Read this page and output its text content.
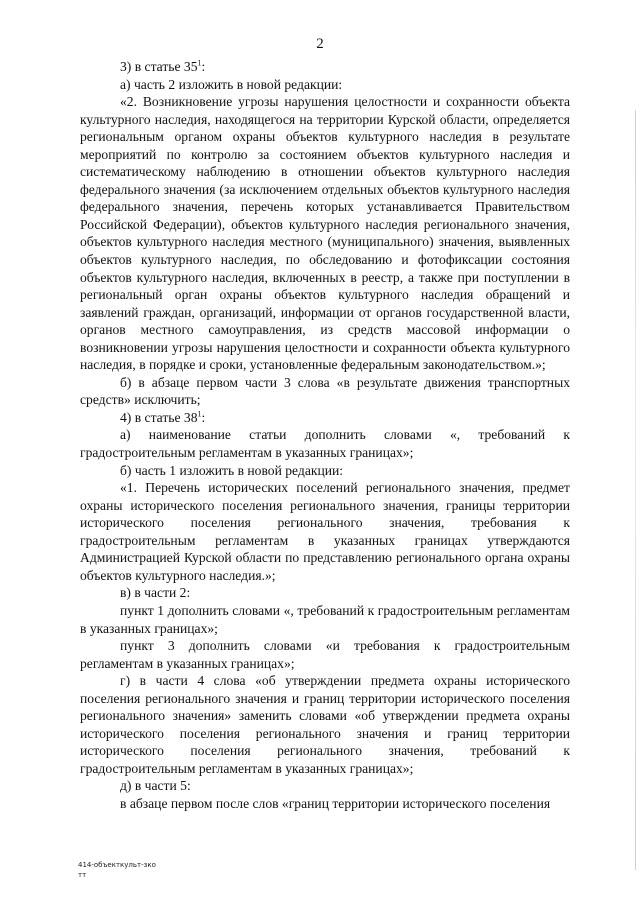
2

3) в статье $35^1$:

а) часть 2 изложить в новой редакции:

«2. Возникновение угрозы нарушения целостности и сохранности объекта культурного наследия, находящегося на территории Курской области, определяется региональным органом охраны объектов культурного наследия в результате мероприятий по контролю за состоянием объектов культурного наследия и систематическому наблюдению в отношении объектов культурного наследия федерального значения (за исключением отдельных объектов культурного наследия федерального значения, перечень которых устанавливается Правительством Российской Федерации), объектов культурного наследия регионального значения, объектов культурного наследия местного (муниципального) значения, выявленных объектов культурного наследия, по обследованию и фотофиксации состояния объектов культурного наследия, включенных в реестр, а также при поступлении в региональный орган охраны объектов культурного наследия обращений и заявлений граждан, организаций, информации от органов государственной власти, органов местного самоуправления, из средств массовой информации о возникновении угрозы нарушения целостности и сохранности объекта культурного наследия, в порядке и сроки, установленные федеральным законодательством.»;

б) в абзаце первом части 3 слова «в результате движения транспортных средств» исключить;

4) в статье $38^1$:

а) наименование статьи дополнить словами «, требований к градостроительным регламентам в указанных границах»;

б) часть 1 изложить в новой редакции:

«1. Перечень исторических поселений регионального значения, предмет охраны исторического поселения регионального значения, границы территории исторического поселения регионального значения, требования к градостроительным регламентам в указанных границах утверждаются Администрацией Курской области по представлению регионального органа охраны объектов культурного наследия.»;

в) в части 2:

пункт 1 дополнить словами «, требований к градостроительным регламентам в указанных границах»;

пункт 3 дополнить словами «и требования к градостроительным регламентам в указанных границах»;

г) в части 4 слова «об утверждении предмета охраны исторического поселения регионального значения и границ территории исторического поселения регионального значения» заменить словами «об утверждении предмета охраны исторического поселения регионального значения и границ территории исторического поселения регионального значения, требований к градостроительным регламентам в указанных границах»;

д) в части 5:

в абзаце первом после слов «границ территории исторического поселения

414-объекткульт-зко
тт
